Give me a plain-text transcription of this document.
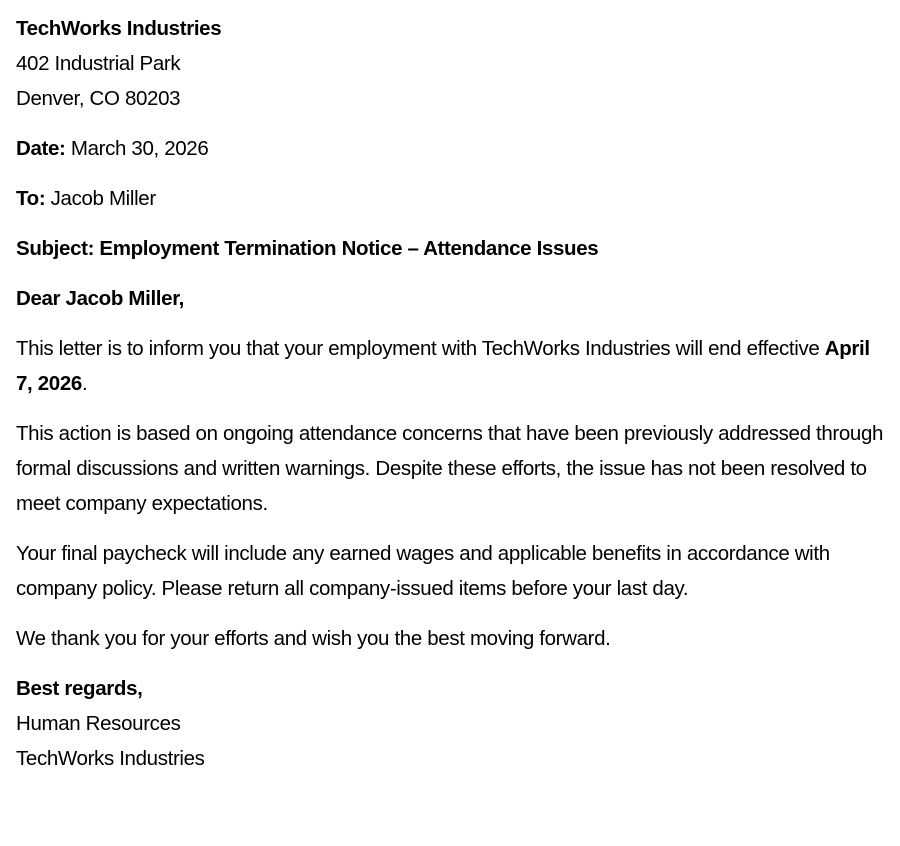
TechWorks Industries
402 Industrial Park
Denver, CO 80203

Date: March 30, 2026

To: Jacob Miller

Subject: Employment Termination Notice – Attendance Issues

Dear Jacob Miller,

This letter is to inform you that your employment with TechWorks Industries will end effective April 7, 2026.

This action is based on ongoing attendance concerns that have been previously addressed through formal discussions and written warnings. Despite these efforts, the issue has not been resolved to meet company expectations.

Your final paycheck will include any earned wages and applicable benefits in accordance with company policy. Please return all company-issued items before your last day.

We thank you for your efforts and wish you the best moving forward.

Best regards,
Human Resources
TechWorks Industries
